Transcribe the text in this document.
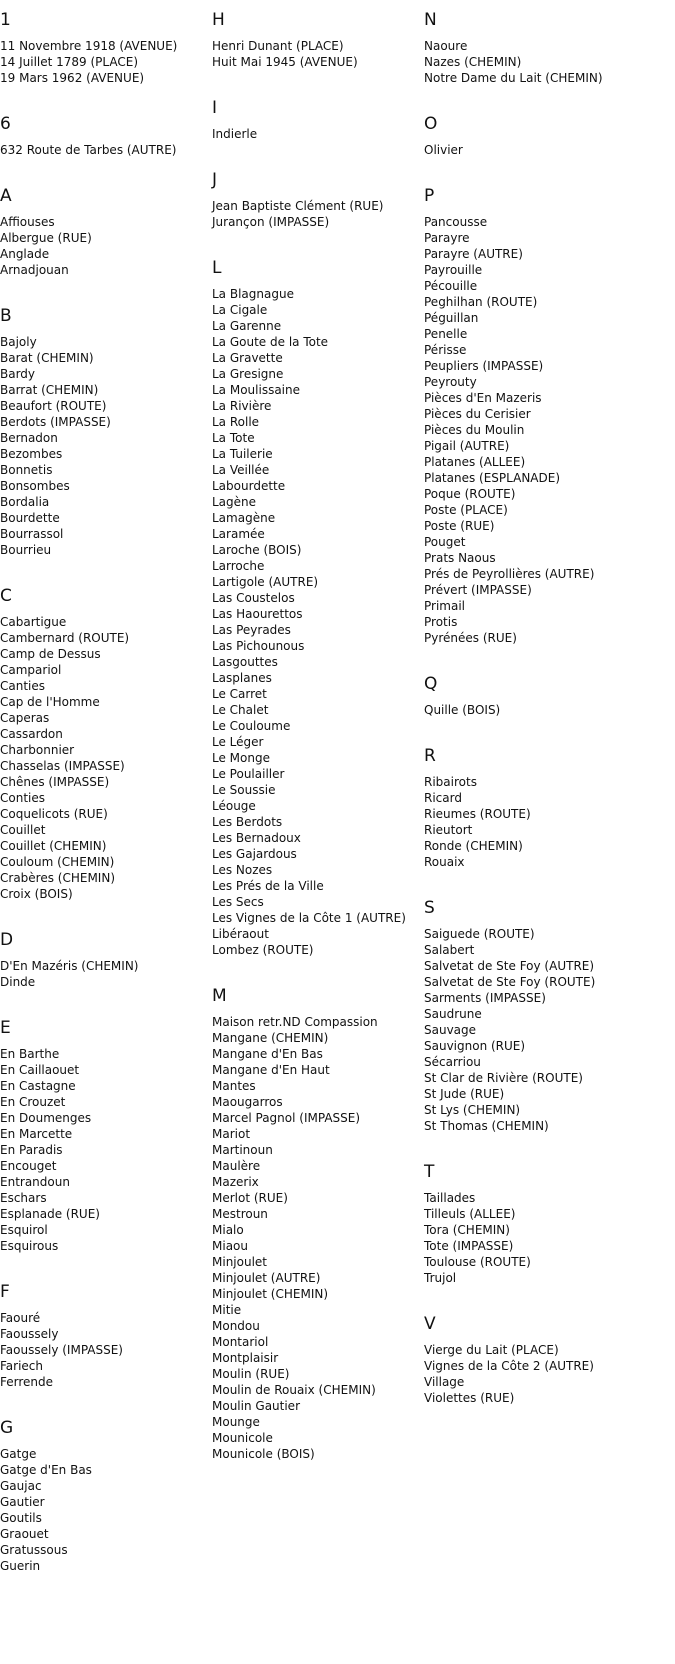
1
11 Novembre 1918 (AVENUE)
14 Juillet 1789 (PLACE)
19 Mars 1962 (AVENUE)
6
632 Route de Tarbes (AUTRE)
A
Affiouses
Albergue (RUE)
Anglade
Arnadjouan
B
Bajoly
Barat (CHEMIN)
Bardy
Barrat (CHEMIN)
Beaufort (ROUTE)
Berdots (IMPASSE)
Bernadon
Bezombes
Bonnetis
Bonsombes
Bordalia
Bourdette
Bourrassol
Bourrieu
C
Cabartigue
Cambernard (ROUTE)
Camp de Dessus
Campariol
Canties
Cap de l'Homme
Caperas
Cassardon
Charbonnier
Chasselas (IMPASSE)
Chênes (IMPASSE)
Conties
Coquelicots (RUE)
Couillet
Couillet (CHEMIN)
Couloum (CHEMIN)
Crabères (CHEMIN)
Croix (BOIS)
D
D'En Mazéris (CHEMIN)
Dinde
E
En Barthe
En Caillaouet
En Castagne
En Crouzet
En Doumenges
En Marcette
En Paradis
Encouget
Entrandoun
Eschars
Esplanade (RUE)
Esquirol
Esquirous
F
Faouré
Faoussely
Faoussely (IMPASSE)
Fariech
Ferrende
G
Gatge
Gatge d'En Bas
Gaujac
Gautier
Goutils
Graouet
Gratussous
Guerin
H
Henri Dunant (PLACE)
Huit Mai 1945 (AVENUE)
I
Indierle
J
Jean Baptiste Clément (RUE)
Jurançon (IMPASSE)
L
La Blagnague
La Cigale
La Garenne
La Goute de la Tote
La Gravette
La Gresigne
La Moulissaine
La Rivière
La Rolle
La Tote
La Tuilerie
La Veillée
Labourdette
Lagène
Lamagène
Laramée
Laroche (BOIS)
Larroche
Lartigole (AUTRE)
Las Coustelos
Las Haourettos
Las Peyrades
Las Pichounous
Lasgouttes
Lasplanes
Le Carret
Le Chalet
Le Couloume
Le Léger
Le Monge
Le Poulailler
Le Soussie
Léouge
Les Berdots
Les Bernadoux
Les Gajardous
Les Nozes
Les Prés de la Ville
Les Secs
Les Vignes de la Côte 1 (AUTRE)
Libéraout
Lombez (ROUTE)
M
Maison retr.ND Compassion
Mangane (CHEMIN)
Mangane d'En Bas
Mangane d'En Haut
Mantes
Maougarros
Marcel Pagnol (IMPASSE)
Mariot
Martinoun
Maulère
Mazerix
Merlot (RUE)
Mestroun
Mialo
Miaou
Minjoulet
Minjoulet (AUTRE)
Minjoulet (CHEMIN)
Mitie
Mondou
Montariol
Montplaisir
Moulin (RUE)
Moulin de Rouaix (CHEMIN)
Moulin Gautier
Mounge
Mounicole
Mounicole (BOIS)
N
Naoure
Nazes (CHEMIN)
Notre Dame du Lait (CHEMIN)
O
Olivier
P
Pancousse
Parayre
Parayre (AUTRE)
Payrouille
Pécouille
Peghilhan (ROUTE)
Péguillan
Penelle
Périsse
Peupliers (IMPASSE)
Peyrouty
Pièces d'En Mazeris
Pièces du Cerisier
Pièces du Moulin
Pigail (AUTRE)
Platanes (ALLEE)
Platanes (ESPLANADE)
Poque (ROUTE)
Poste (PLACE)
Poste (RUE)
Pouget
Prats Naous
Prés de Peyrollières (AUTRE)
Prévert (IMPASSE)
Primail
Protis
Pyrénées (RUE)
Q
Quille (BOIS)
R
Ribairots
Ricard
Rieumes (ROUTE)
Rieutort
Ronde (CHEMIN)
Rouaix
S
Saiguede (ROUTE)
Salabert
Salvetat de Ste Foy (AUTRE)
Salvetat de Ste Foy (ROUTE)
Sarments (IMPASSE)
Saudrune
Sauvage
Sauvignon (RUE)
Sécarriou
St Clar de Rivière (ROUTE)
St Jude (RUE)
St Lys (CHEMIN)
St Thomas (CHEMIN)
T
Taillades
Tilleuls (ALLEE)
Tora (CHEMIN)
Tote (IMPASSE)
Toulouse (ROUTE)
Trujol
V
Vierge du Lait (PLACE)
Vignes de la Côte 2 (AUTRE)
Village
Violettes (RUE)
